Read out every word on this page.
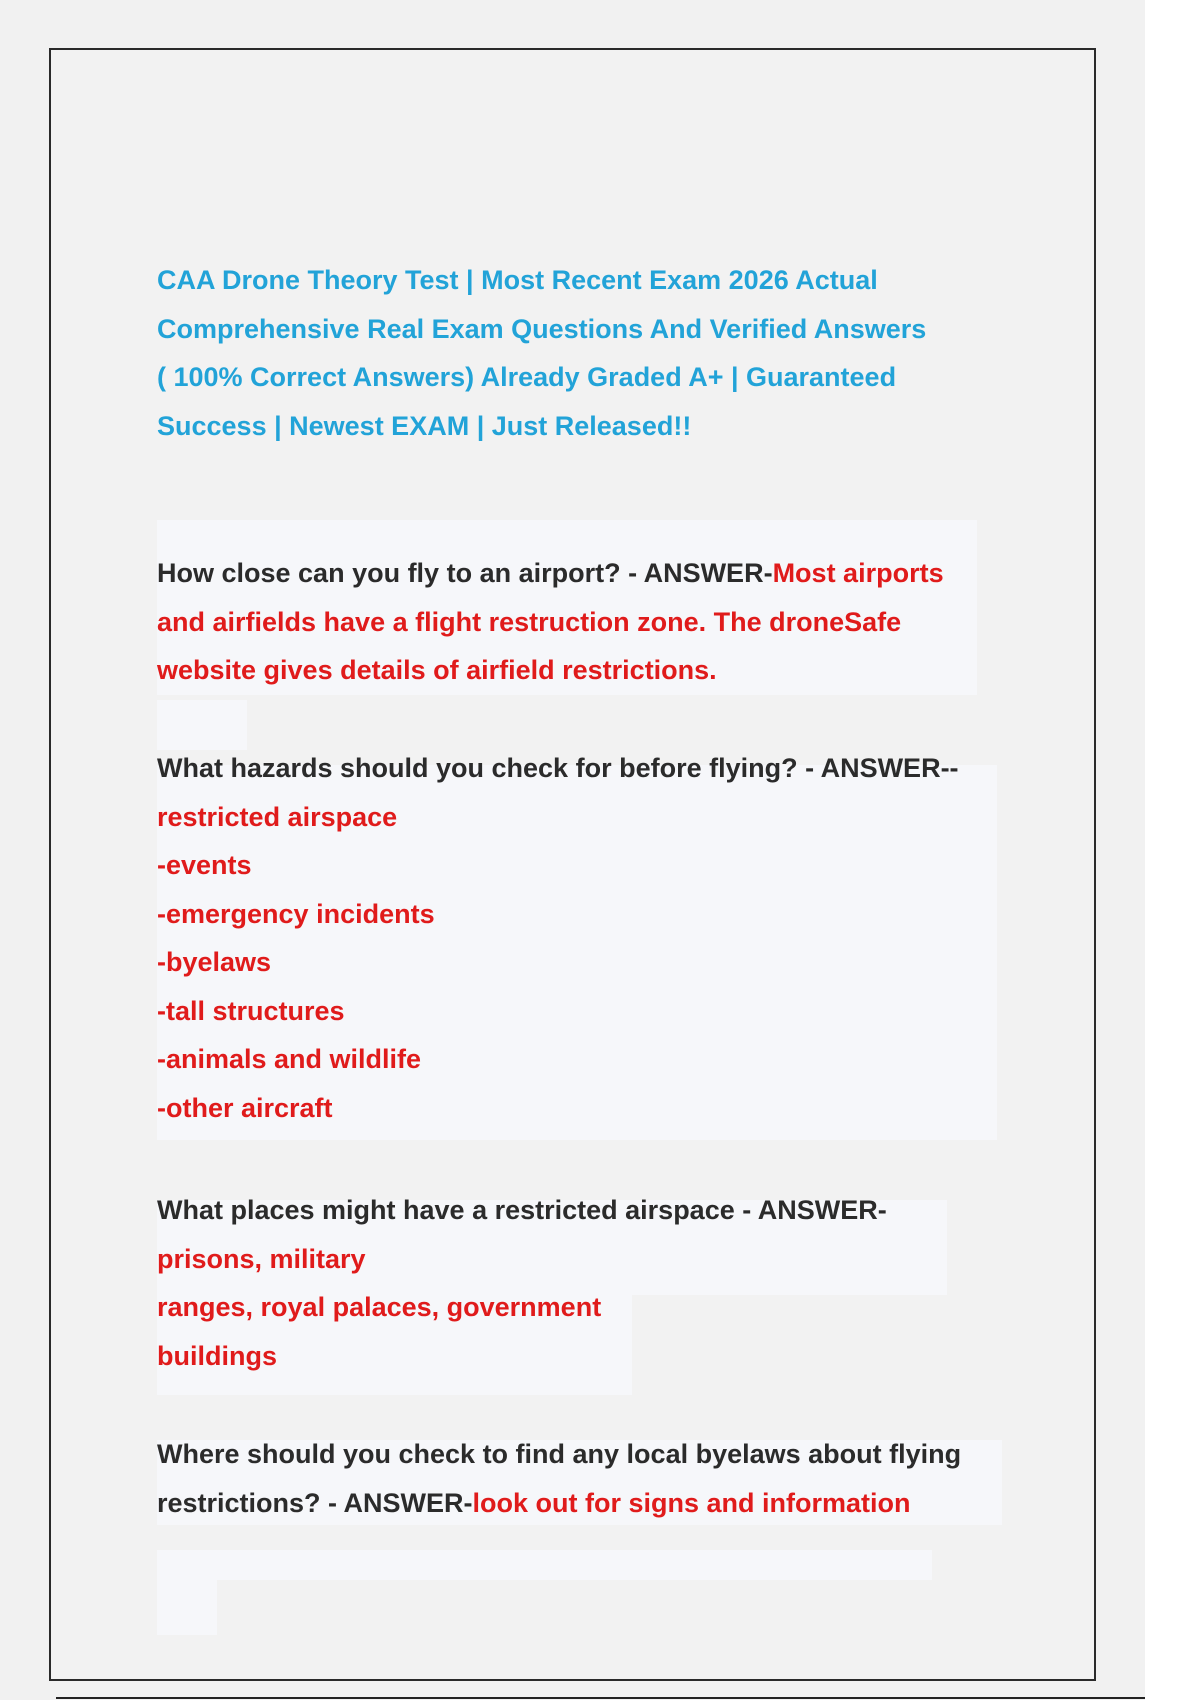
CAA Drone Theory Test | Most Recent Exam 2026 Actual
Comprehensive Real Exam Questions And Verified Answers
( 100% Correct Answers) Already Graded A+ | Guaranteed
Success | Newest EXAM | Just Released!!
How close can you fly to an airport? - ANSWER-Most airports
and airfields have a flight restruction zone. The droneSafe
website gives details of airfield restrictions.
What hazards should you check for before flying? - ANSWER--
restricted airspace
-events
-emergency incidents
-byelaws
-tall structures
-animals and wildlife
-other aircraft
What places might have a restricted airspace - ANSWER-
prisons, military
ranges, royal palaces, government
buildings
Where should you check to find any local byelaws about flying
restrictions? - ANSWER-look out for signs and information
